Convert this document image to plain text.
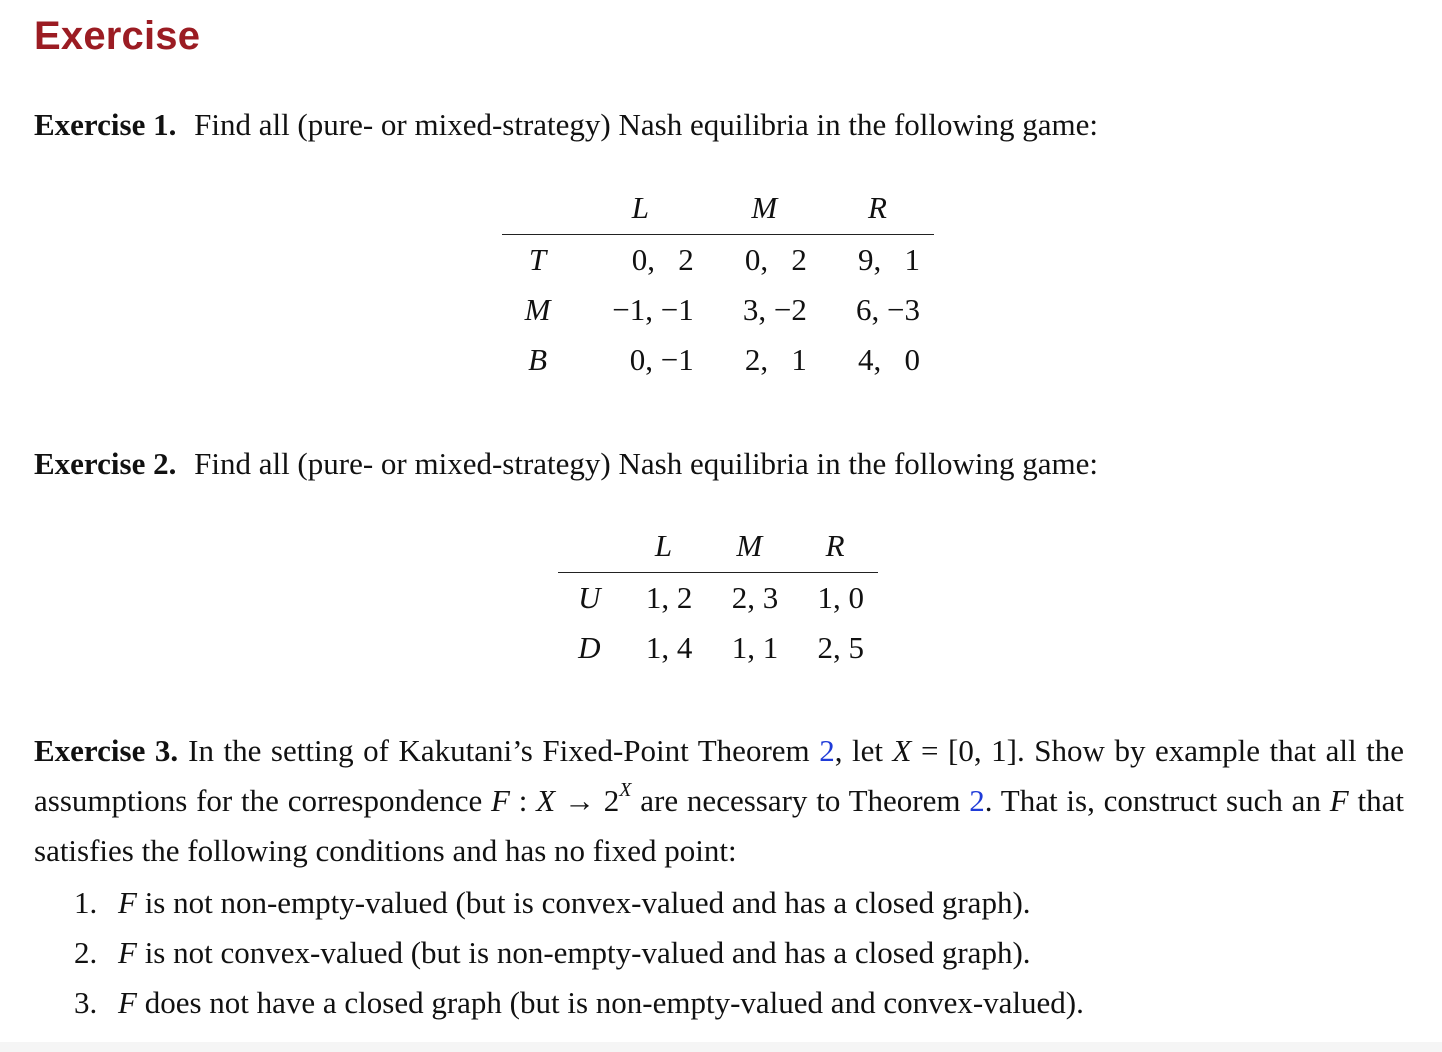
Exercise
Exercise 1. Find all (pure- or mixed-strategy) Nash equilibria in the following game:
	L	M	R
T	0,   2	0,   2	9,   1
M	−1, −1	3, −2	6, −3
B	0, −1	2,   1	4,   0
Exercise 2. Find all (pure- or mixed-strategy) Nash equilibria in the following game:
	L	M	R
U	1, 2	2, 3	1, 0
D	1, 4	1, 1	2, 5
Exercise 3. In the setting of Kakutani’s Fixed-Point Theorem 2, let X = [0, 1]. Show by example that all the assumptions for the correspondence F : $X \to 2^X$ are necessary to Theorem 2. That is, construct such an F that satisfies the following conditions and has no fixed point:
1. F is not non-empty-valued (but is convex-valued and has a closed graph).
2. F is not convex-valued (but is non-empty-valued and has a closed graph).
3. F does not have a closed graph (but is non-empty-valued and convex-valued).
